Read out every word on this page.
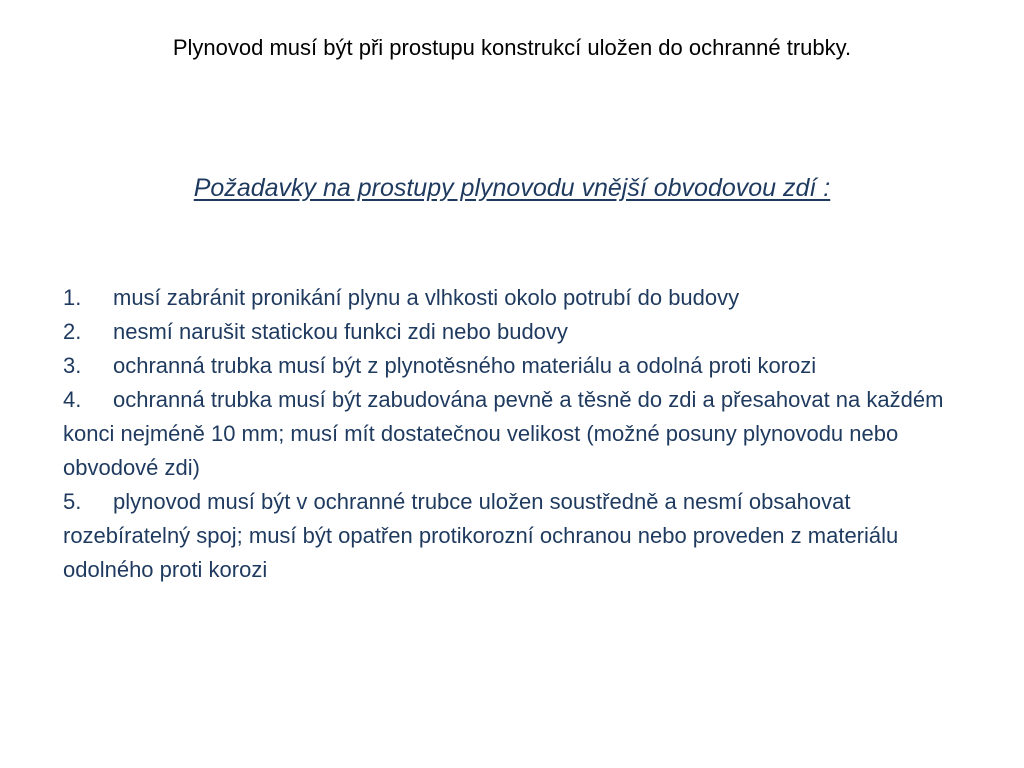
Plynovod musí být při prostupu konstrukcí uložen do ochranné trubky.
Požadavky na prostupy plynovodu vnější obvodovou zdí :
1. musí zabránit pronikání plynu a vlhkosti okolo potrubí do budovy
2. nesmí narušit statickou funkci zdi nebo budovy
3. ochranná trubka musí být z plynotěsného materiálu a odolná proti korozi
4. ochranná trubka musí být zabudována pevně a těsně do zdi a přesahovat na každém konci nejméně 10 mm; musí mít dostatečnou velikost (možné posuny plynovodu nebo obvodové zdi)
5. plynovod musí být v ochranné trubce uložen soustředně a nesmí obsahovat rozebíratelný spoj; musí být opatřen protikorozní ochranou nebo proveden z materiálu odolného proti korozi
